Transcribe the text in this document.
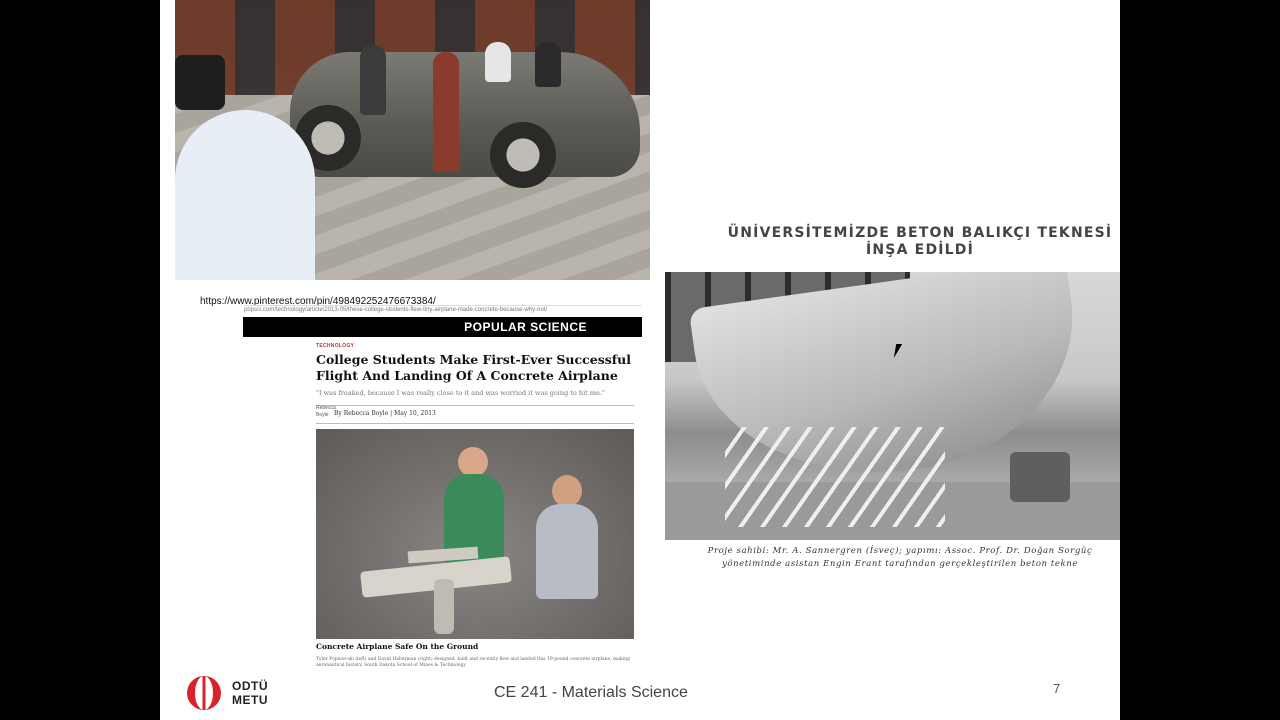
https://www.pinterest.com/pin/498492252476673384/
popsci.com/technology/article/2013-05/these-college-students-flew-tiny-airplane-made-concrete-because-why-not/
POPULAR SCIENCE
TECHNOLOGY
College Students Make First-Ever Successful Flight And Landing Of A Concrete Airplane
"I was freaked, because I was really close to it and was worried it was going to hit me."
Rebecca Boyle By Rebecca Boyle | May 10, 2013
Concrete Airplane Safe On the Ground
Tyler Popnoe-ski (left) and David Haberman (right) designed, built and recently flew and landed this 19-pound concrete airplane, making aeronautical history. South Dakota School of Mines & Technology
ÜNİVERSİTEMİZDE BETON BALIKÇI TEKNESİ
İNŞA EDİLDİ
Proje sahibi: Mr. A. Sannergren (İsveç); yapımı: Assoc. Prof. Dr. Doğan Sorgüç
yönetiminde asistan Engin Erant tarafından gerçekleştirilen beton tekne
ODTÜ
METU	CE 241 - Materials Science	7
